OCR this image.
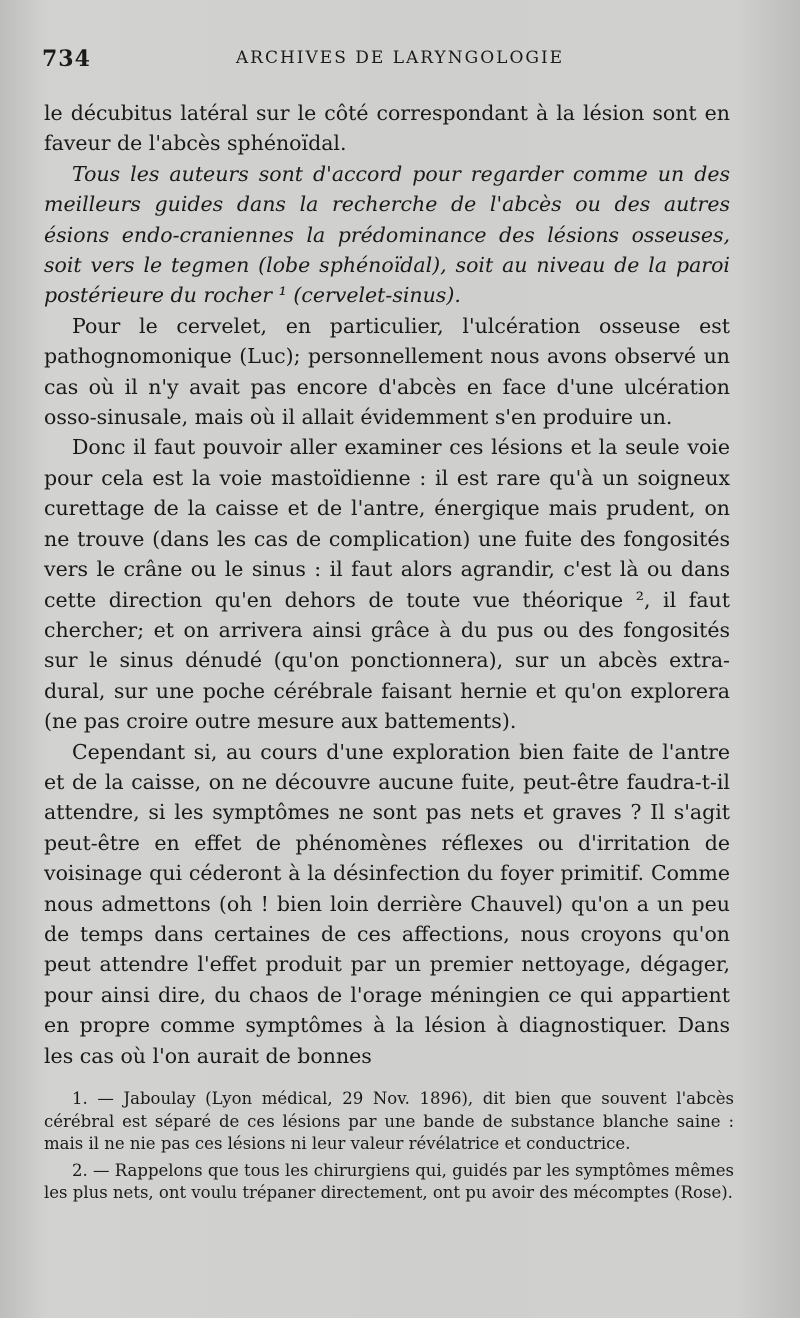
734	ARCHIVES DE LARYNGOLOGIE

le décubitus latéral sur le côté correspondant à la lésion sont en faveur de l'abcès sphénoïdal.

Tous les auteurs sont d'accord pour regarder comme un des meilleurs guides dans la recherche de l'abcès ou des autres ésions endo-craniennes la prédominance des lésions osseuses, soit vers le tegmen (lobe sphénoïdal), soit au niveau de la paroi postérieure du rocher ¹ (cervelet-sinus).

Pour le cervelet, en particulier, l'ulcération osseuse est pathognomonique (Luc); personnellement nous avons observé un cas où il n'y avait pas encore d'abcès en face d'une ulcération osso-sinusale, mais où il allait évidemment s'en produire un.

Donc il faut pouvoir aller examiner ces lésions et la seule voie pour cela est la voie mastoïdienne : il est rare qu'à un soigneux curettage de la caisse et de l'antre, énergique mais prudent, on ne trouve (dans les cas de complication) une fuite des fongosités vers le crâne ou le sinus : il faut alors agrandir, c'est là ou dans cette direction qu'en dehors de toute vue théorique ², il faut chercher; et on arrivera ainsi grâce à du pus ou des fongosités sur le sinus dénudé (qu'on ponctionnera), sur un abcès extra-dural, sur une poche cérébrale faisant hernie et qu'on explorera (ne pas croire outre mesure aux battements).

Cependant si, au cours d'une exploration bien faite de l'antre et de la caisse, on ne découvre aucune fuite, peut-être faudra-t-il attendre, si les symptômes ne sont pas nets et graves ? Il s'agit peut-être en effet de phénomènes réflexes ou d'irritation de voisinage qui céderont à la désinfection du foyer primitif. Comme nous admettons (oh ! bien loin derrière Chauvel) qu'on a un peu de temps dans certaines de ces affections, nous croyons qu'on peut attendre l'effet produit par un premier nettoyage, dégager, pour ainsi dire, du chaos de l'orage méningien ce qui appartient en propre comme symptômes à la lésion à diagnostiquer. Dans les cas où l'on aurait de bonnes

1. — Jaboulay (Lyon médical, 29 Nov. 1896), dit bien que souvent l'abcès cérébral est séparé de ces lésions par une bande de substance blanche saine : mais il ne nie pas ces lésions ni leur valeur révélatrice et conductrice.

2. — Rappelons que tous les chirurgiens qui, guidés par les symptômes mêmes les plus nets, ont voulu trépaner directement, ont pu avoir des mécomptes (Rose).
